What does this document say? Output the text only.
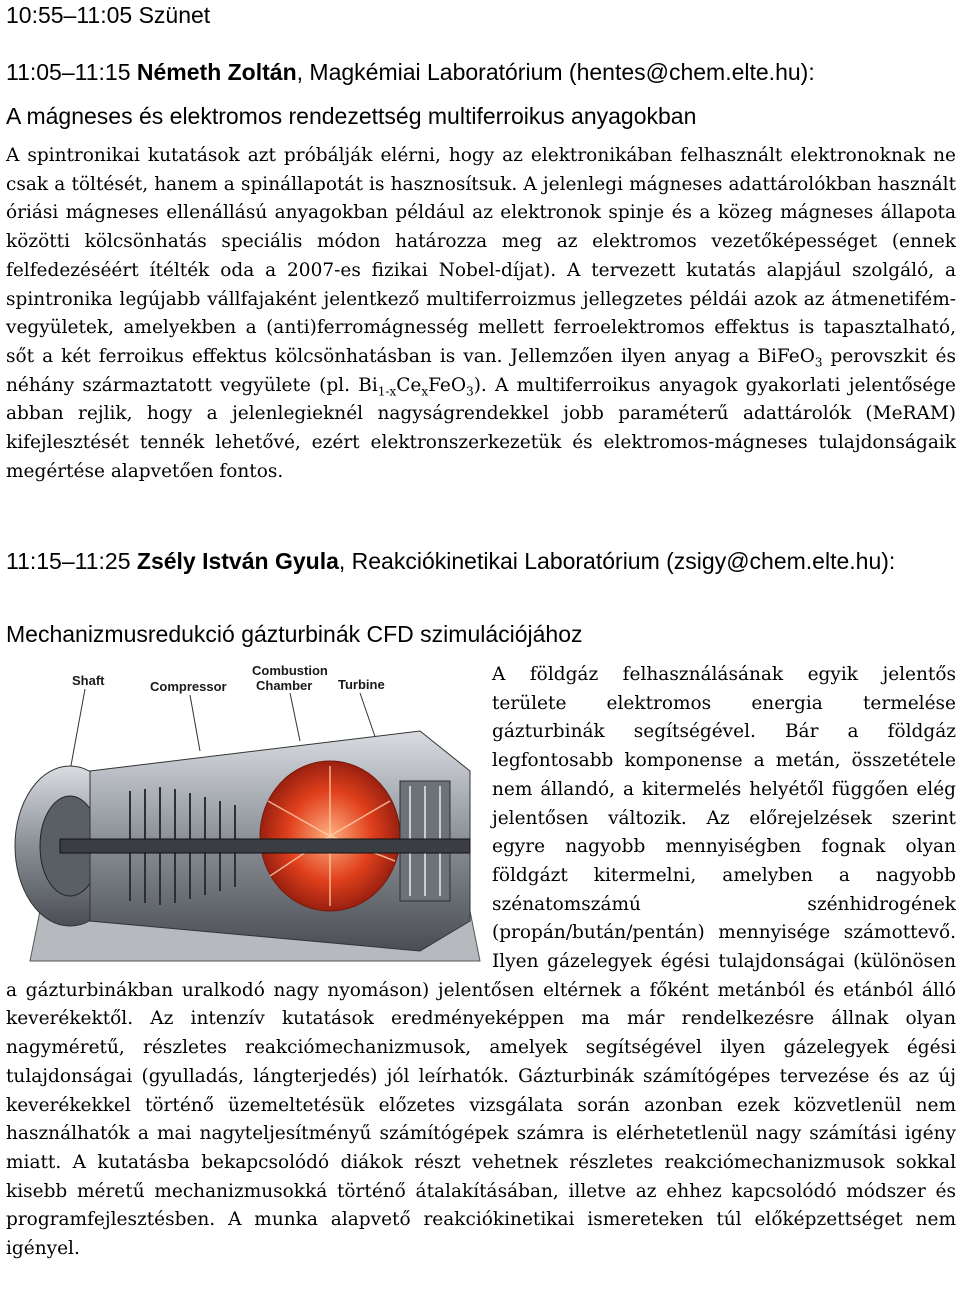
10:55–11:05 Szünet
11:05–11:15 Németh Zoltán, Magkémiai Laboratórium (hentes@chem.elte.hu):
A mágneses és elektromos rendezettség multiferroikus anyagokban

A spintronikai kutatások azt próbálják elérni, hogy az elektronikában felhasznált elektronoknak ne csak a töltését, hanem a spinállapotát is hasznosítsuk. A jelenlegi mágneses adattárolókban használt óriási mágneses ellenállású anyagokban például az elektronok spinje és a közeg mágneses állapota közötti kölcsönhatás speciális módon határozza meg az elektromos vezetőképességet (ennek felfedezéséért ítélték oda a 2007-es fizikai Nobel-díjat). A tervezett kutatás alapjául szolgáló, a spintronika legújabb vállfajaként jelentkező multiferroizmus jellegzetes példái azok az átmenetifém-vegyületek, amelyekben a (anti)ferromágnesség mellett ferroelektromos effektus is tapasztalható, sőt a két ferroikus effektus kölcsönhatásban is van. Jellemzően ilyen anyag a BiFeO$_3$ perovszkit és néhány származtatott vegyülete (pl. $Bi_{1-x}Ce_xFeO_3$). A multiferroikus anyagok gyakorlati jelentősége abban rejlik, hogy a jelenlegieknél nagyságrendekkel jobb paraméterű adattárolók (MeRAM) kifejlesztését tennék lehetővé, ezért elektronszerkezetük és elektromos-mágneses tulajdonságaik megértése alapvetően fontos.

11:15–11:25 Zsély István Gyula, Reakciókinetikai Laboratórium (zsigy@chem.elte.hu):
Mechanizmusredukció gázturbinák CFD szimulációjához
Shaft	Compressor
Combustion
Chamber Turbine	A földgáz felhasználásának egyik jelentős területe elektromos energia termelése gázturbinák segítségével. Bár a földgáz legfontosabb komponense a metán, összetétele nem állandó, a kitermelés helyétől függően elég jelentősen változik. Az előrejelzések szerint egyre nagyobb mennyiségben fognak olyan földgázt kitermelni, amelyben a nagyobb szénatomszámú szénhidrogének (propán/bután/pentán) mennyisége számottevő. Ilyen gázelegyek égési tulajdonságai (különösen a gázturbinákban uralkodó nagy nyomáson) jelentősen eltérnek a főként metánból és etánból álló keverékektől. Az intenzív kutatások eredményeképpen ma már rendelkezésre állnak olyan nagyméretű, részletes reakciómechanizmusok, amelyek segítségével ilyen gázelegyek égési tulajdonságai (gyulladás, lángterjedés) jól leírhatók. Gázturbinák számítógépes tervezése és az új keverékekkel történő üzemeltetésük előzetes vizsgálata során azonban ezek közvetlenül nem használhatók a mai nagyteljesítményű számítógépek számra is elérhetetlenül nagy számítási igény miatt. A kutatásba bekapcsolódó diákok részt vehetnek részletes reakciómechanizmusok sokkal kisebb méretű mechanizmusokká történő átalakításában, illetve az ehhez kapcsolódó módszer és programfejlesztésben. A munka alapvető reakciókinetikai ismereteken túl előképzettséget nem igényel.
